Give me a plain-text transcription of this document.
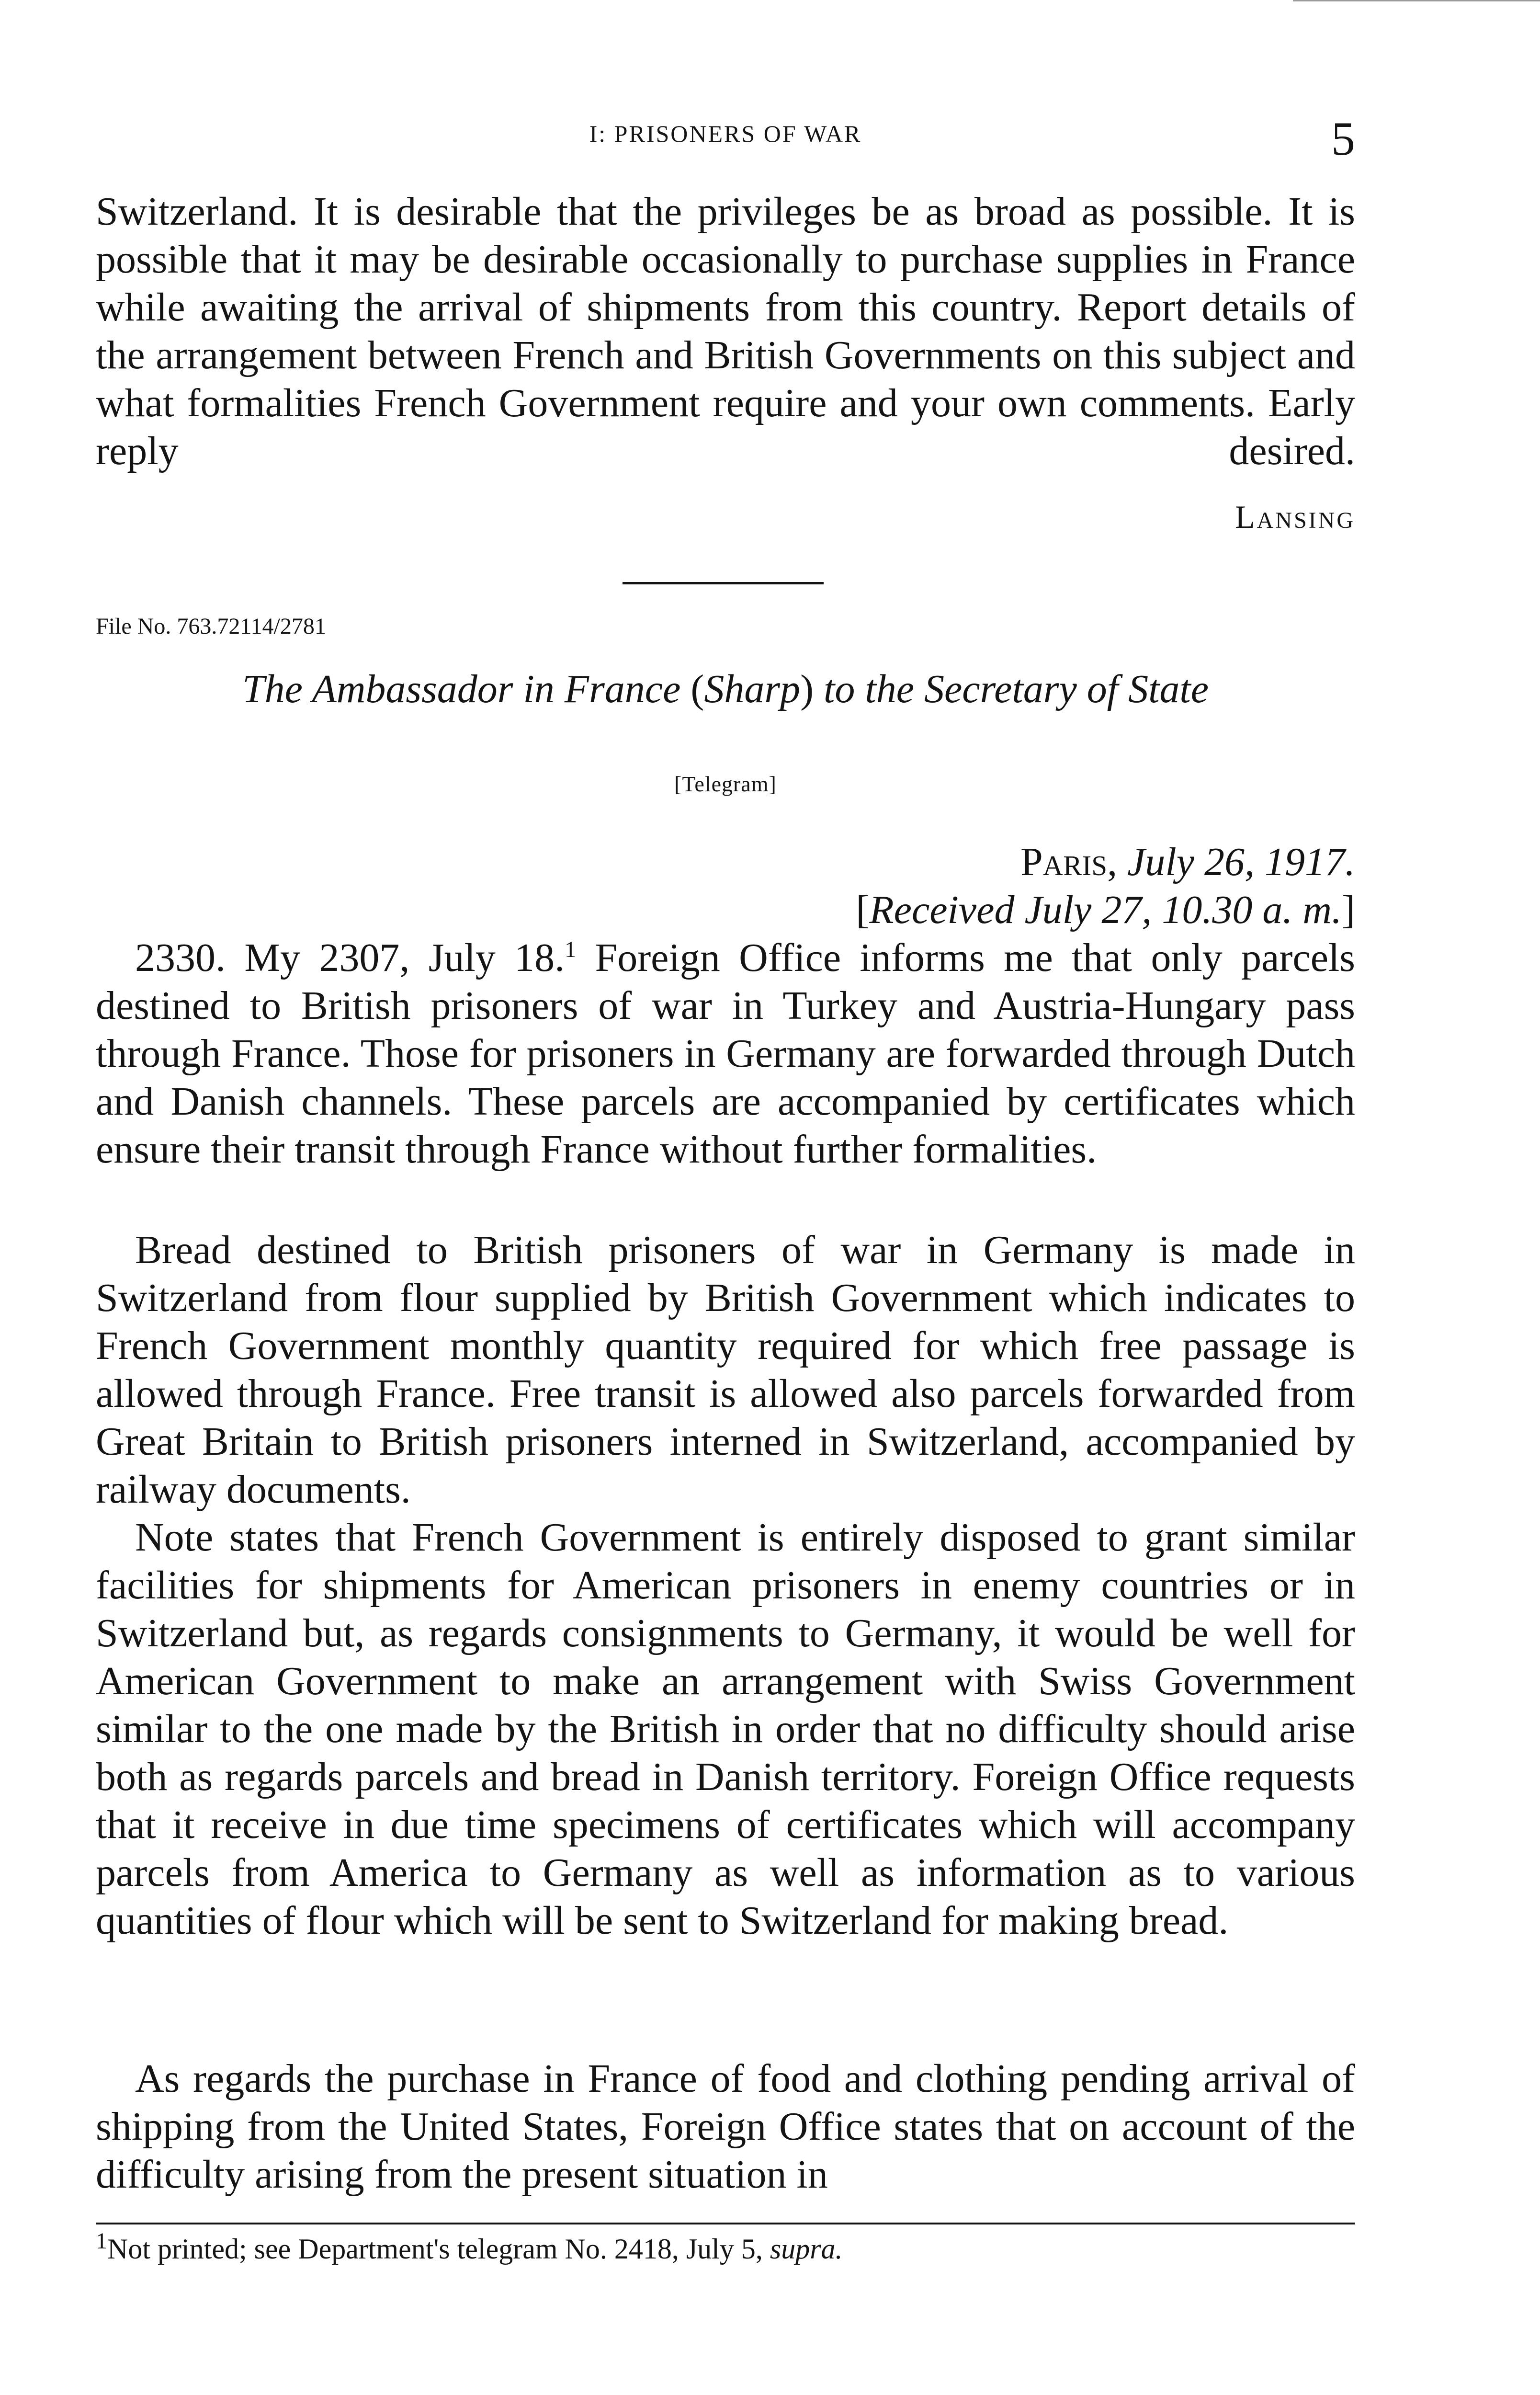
I: PRISONERS OF WAR	5

Switzerland. It is desirable that the privileges be as broad as possible. It is possible that it may be desirable occasionally to purchase supplies in France while awaiting the arrival of shipments from this country. Report details of the arrangement between French and British Governments on this subject and what formalities French Government require and your own comments. Early reply desired.

Lansing
File No. 763.72114/2781
The Ambassador in France (Sharp) to the Secretary of State
[Telegram]
Paris, July 26, 1917.
[Received July 27, 10.30 a. m.]

2330. My 2307, July 18.$^1$ Foreign Office informs me that only parcels destined to British prisoners of war in Turkey and Austria-Hungary pass through France. Those for prisoners in Germany are forwarded through Dutch and Danish channels. These parcels are accompanied by certificates which ensure their transit through France without further formalities.

Bread destined to British prisoners of war in Germany is made in Switzerland from flour supplied by British Government which indicates to French Government monthly quantity required for which free passage is allowed through France. Free transit is allowed also parcels forwarded from Great Britain to British prisoners interned in Switzerland, accompanied by railway documents.

Note states that French Government is entirely disposed to grant similar facilities for shipments for American prisoners in enemy countries or in Switzerland but, as regards consignments to Germany, it would be well for American Government to make an arrangement with Swiss Government similar to the one made by the British in order that no difficulty should arise both as regards parcels and bread in Danish territory. Foreign Office requests that it receive in due time specimens of certificates which will accompany parcels from America to Germany as well as information as to various quantities of flour which will be sent to Switzerland for making bread.

As regards the purchase in France of food and clothing pending arrival of shipping from the United States, Foreign Office states that on account of the difficulty arising from the present situation in

$^1$Not printed; see Department's telegram No. 2418, July 5, supra.
